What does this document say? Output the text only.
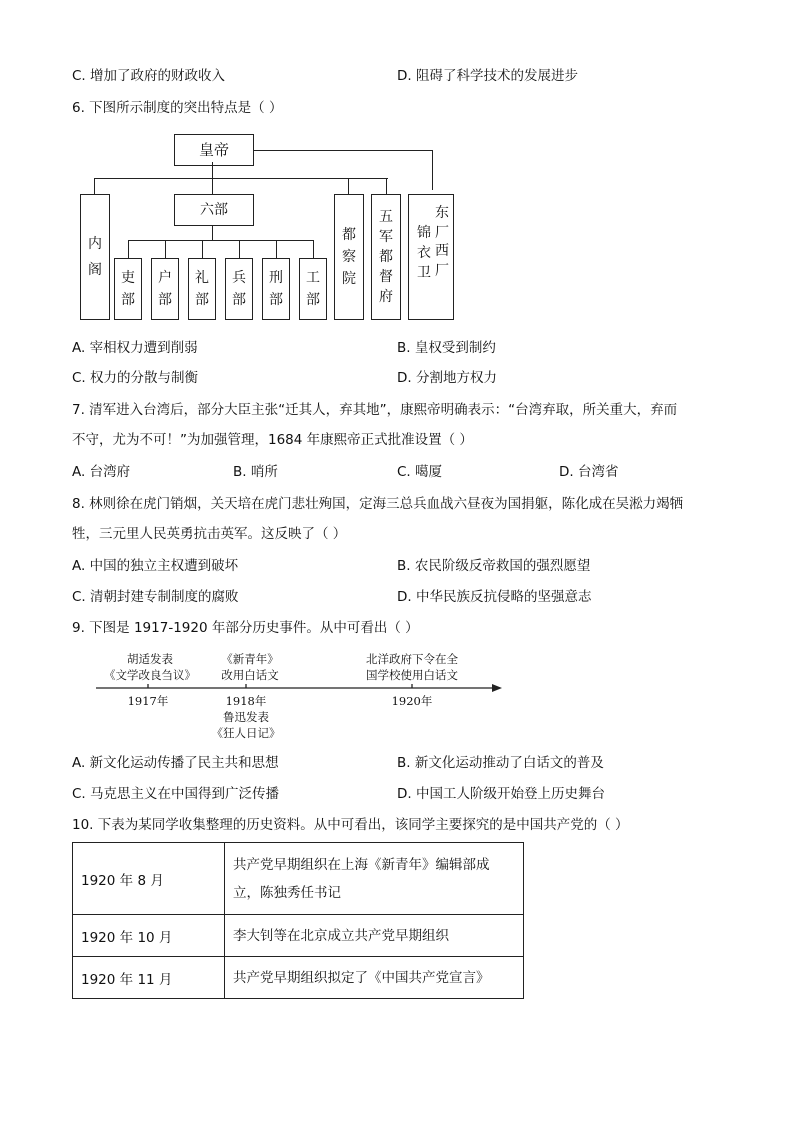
C. 增加了政府的财政收入	D. 阻碍了科学技术的发展进步
6. 下图所示制度的突出特点是（ ）
皇帝
六部
内
阁 吏
部
户
部
礼
部
兵
部
刑
部
工
部
都
察
院
五
军
都
督
府
东
厂
锦
衣
卫
西
厂
A. 宰相权力遭到削弱	B. 皇权受到制约
C. 权力的分散与制衡	D. 分割地方权力
7. 清军进入台湾后，部分大臣主张“迁其人，弃其地”，康熙帝明确表示：“台湾弃取，所关重大，弃而
不守，尤为不可！”为加强管理，1684 年康熙帝正式批准设置（ ）
A. 台湾府	B. 哨所	C. 噶厦	D. 台湾省
8. 林则徐在虎门销烟，关天培在虎门悲壮殉国，定海三总兵血战六昼夜为国捐躯，陈化成在吴淞力竭牺
牲，三元里人民英勇抗击英军。这反映了（ ）
A. 中国的独立主权遭到破坏	B. 农民阶级反帝救国的强烈愿望
C. 清朝封建专制制度的腐败	D. 中华民族反抗侵略的坚强意志
9. 下图是 1917-1920 年部分历史事件。从中可看出（ ）
胡适发表
《文学改良刍议》
《新青年》
改用白话文
北洋政府下令在全
国学校使用白话文
1917年	1918年	1920年
鲁迅发表
《狂人日记》
A. 新文化运动传播了民主共和思想	B. 新文化运动推动了白话文的普及
C. 马克思主义在中国得到广泛传播	D. 中国工人阶级开始登上历史舞台
10. 下表为某同学收集整理的历史资料。从中可看出，该同学主要探究的是中国共产党的（ ）
1920 年 8 月	共产党早期组织在上海《新青年》编辑部成
立，陈独秀任书记

1920 年 10 月	李大钊等在北京成立共产党早期组织
1920 年 11 月	共产党早期组织拟定了《中国共产党宣言》
